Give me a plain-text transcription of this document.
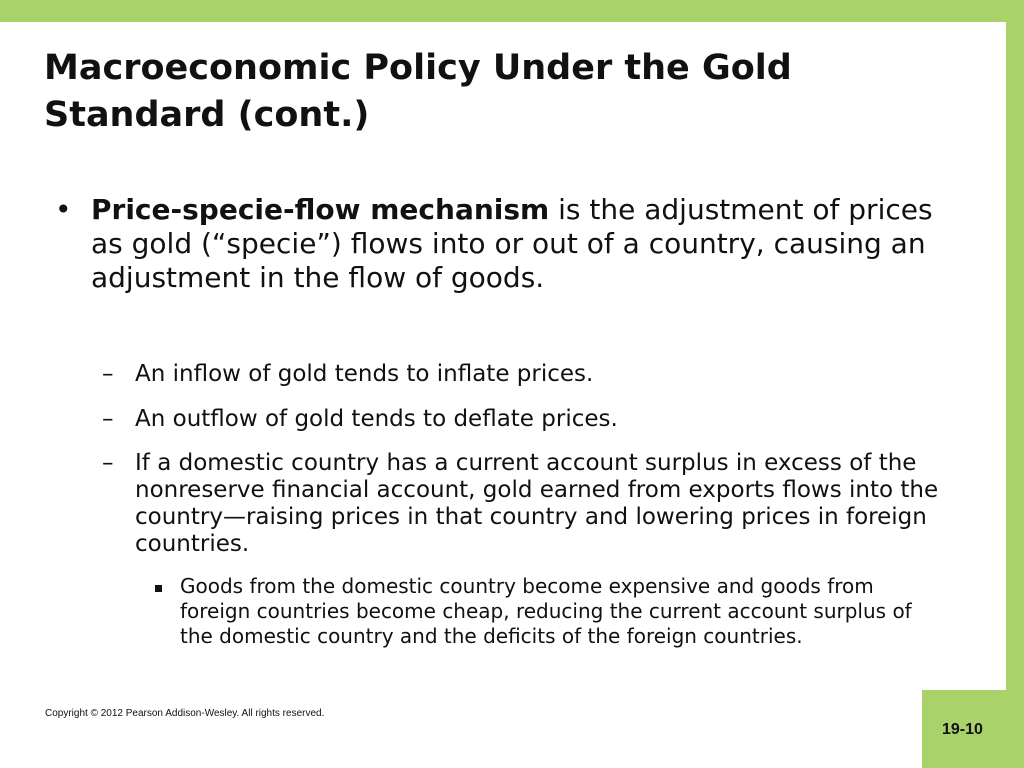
Macroeconomic Policy Under the Gold Standard (cont.)
• Price-specie-flow mechanism is the adjustment of prices as gold (“specie”) flows into or out of a country, causing an adjustment in the flow of goods.
– An inflow of gold tends to inflate prices.
– An outflow of gold tends to deflate prices.
– If a domestic country has a current account surplus in excess of the nonreserve financial account, gold earned from exports flows into the country—raising prices in that country and lowering prices in foreign countries.
Goods from the domestic country become expensive and goods from foreign countries become cheap, reducing the current account surplus of the domestic country and the deficits of the foreign countries.
Copyright © 2012 Pearson Addison-Wesley. All rights reserved.
19-10
